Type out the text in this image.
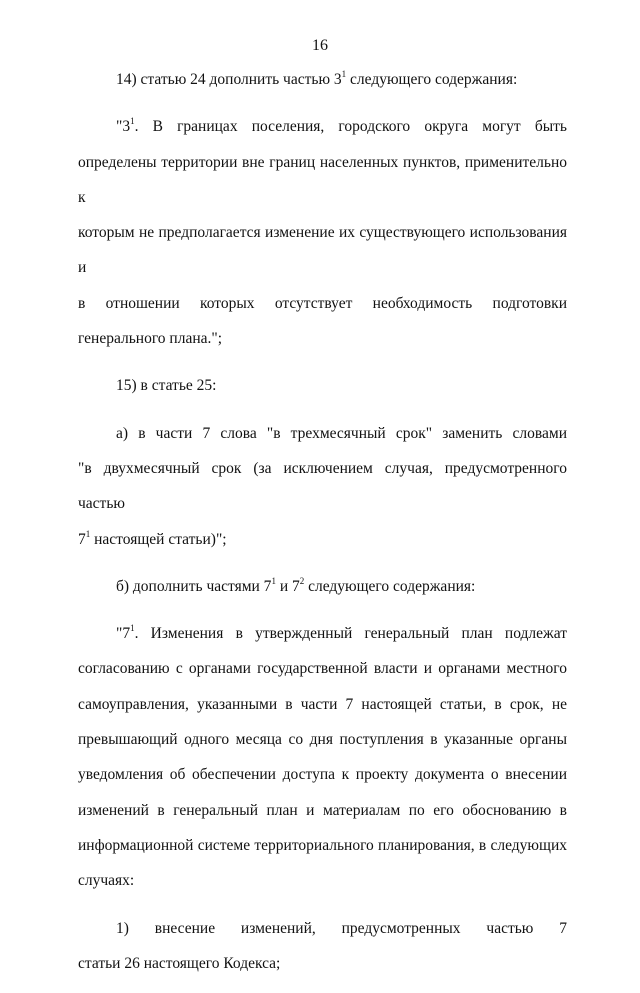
16

14) статью 24 дополнить частью $3^1$ следующего содержания:

"$3^1$. В границах поселения, городского округа могут быть
определены территории вне границ населенных пунктов, применительно к
которым не предполагается изменение их существующего использования и
в отношении которых отсутствует необходимость подготовки
генерального плана.";

15) в статье 25:

а) в части 7 слова "в трехмесячный срок" заменить словами
"в двухмесячный срок (за исключением случая, предусмотренного частью
$7^1$ настоящей статьи)";

б) дополнить частями $7^1$ и $7^2$ следующего содержания:

"$7^1$. Изменения в утвержденный генеральный план подлежат
согласованию с органами государственной власти и органами местного
самоуправления, указанными в части 7 настоящей статьи, в срок, не
превышающий одного месяца со дня поступления в указанные органы
уведомления об обеспечении доступа к проекту документа о внесении
изменений в генеральный план и материалам по его обоснованию в
информационной системе территориального планирования, в следующих
случаях:
1) внесение изменений, предусмотренных частью 7
статьи 26 настоящего Кодекса;
